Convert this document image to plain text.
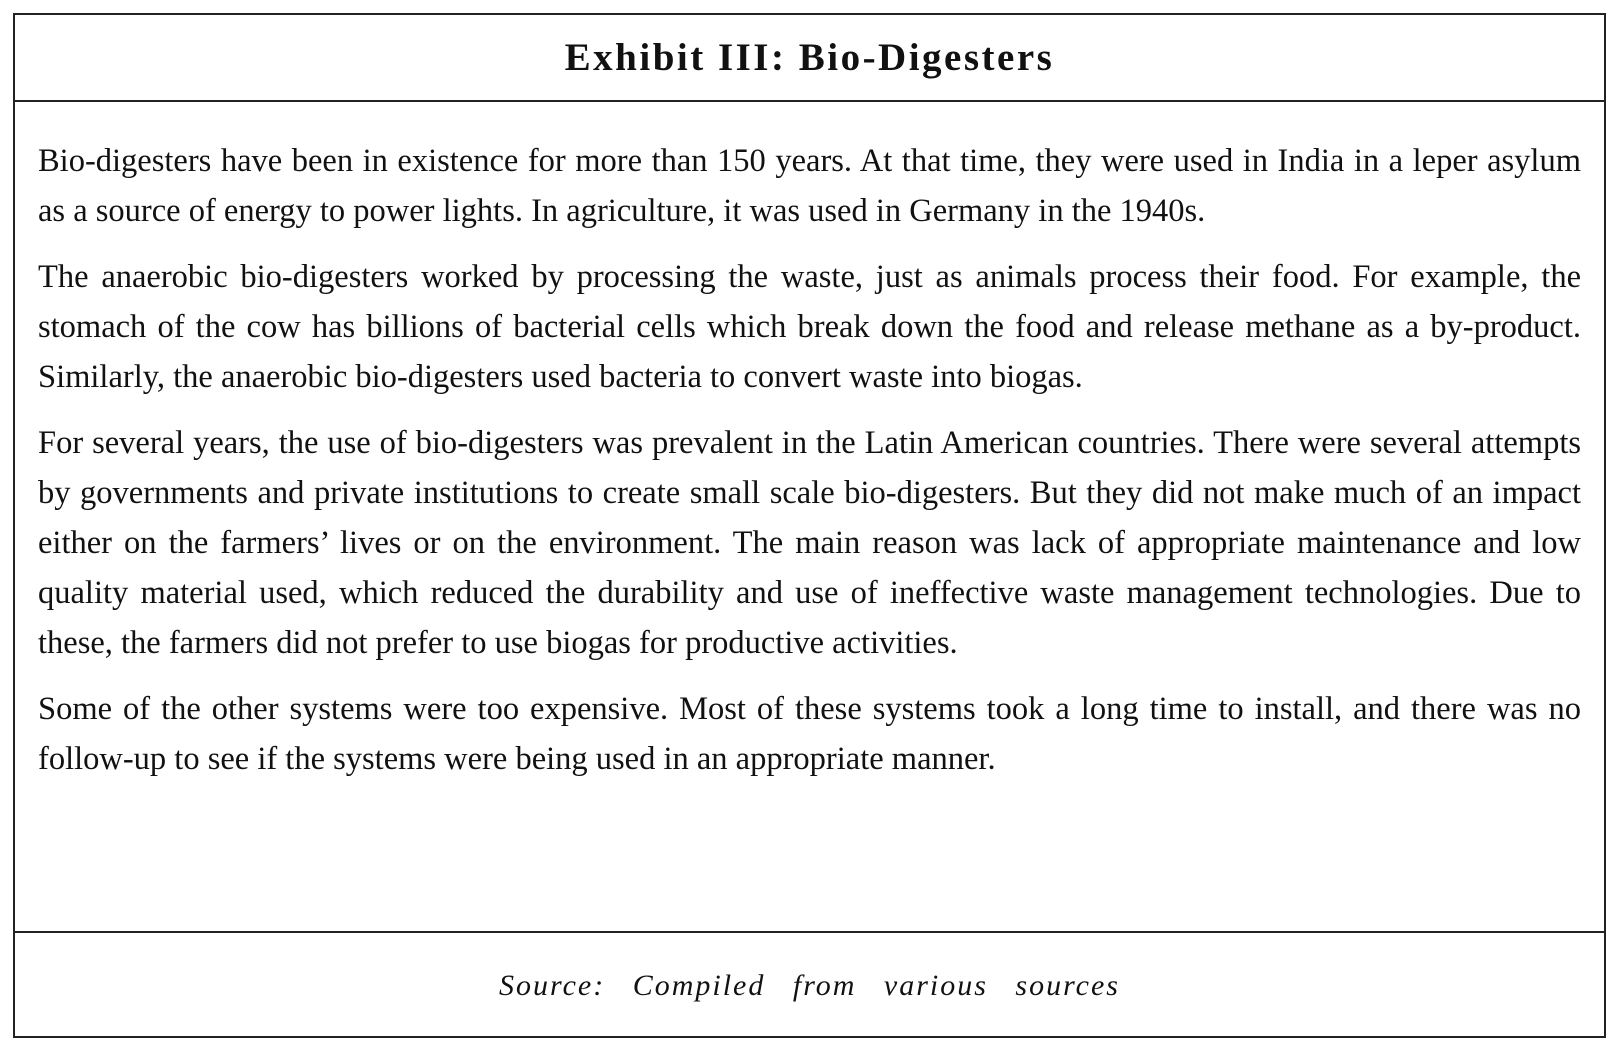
Exhibit III: Bio-Digesters

Bio-digesters have been in existence for more than 150 years. At that time, they were used in India in a leper asylum as a source of energy to power lights. In agriculture, it was used in Germany in the 1940s.

The anaerobic bio-digesters worked by processing the waste, just as animals process their food. For example, the stomach of the cow has billions of bacterial cells which break down the food and release methane as a by-product. Similarly, the anaerobic bio-digesters used bacteria to convert waste into biogas.

For several years, the use of bio-digesters was prevalent in the Latin American countries. There were several attempts by governments and private institutions to create small scale bio-digesters. But they did not make much of an impact either on the farmers’ lives or on the environment. The main reason was lack of appropriate maintenance and low quality material used, which reduced the durability and use of ineffective waste management technologies. Due to these, the farmers did not prefer to use biogas for productive activities.

Some of the other systems were too expensive. Most of these systems took a long time to install, and there was no follow-up to see if the systems were being used in an appropriate manner.

Source: Compiled from various sources
